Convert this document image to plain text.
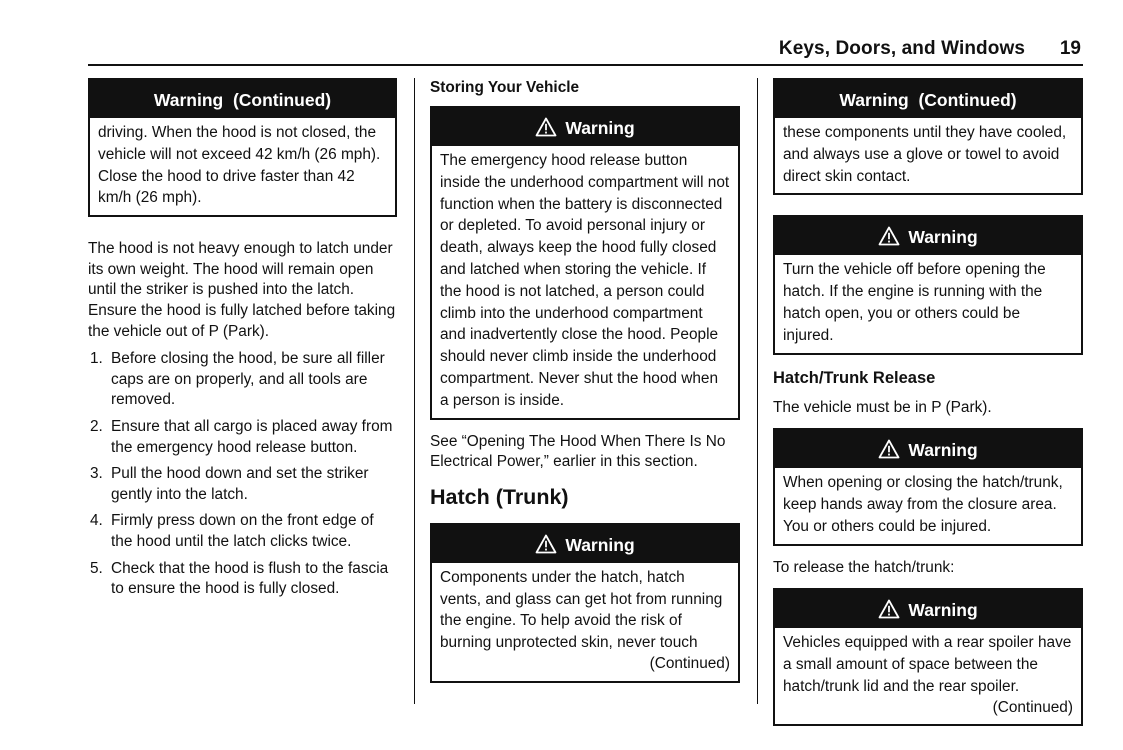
Keys, Doors, and Windows 19
Warning  (Continued)
driving. When the hood is not closed, the vehicle will not exceed 42 km/h (26 mph). Close the hood to drive faster than 42 km/h (26 mph).

The hood is not heavy enough to latch under its own weight. The hood will remain open until the striker is pushed into the latch. Ensure the hood is fully latched before taking the vehicle out of P (Park).

1. Before closing the hood, be sure all filler caps are on properly, and all tools are removed.
2. Ensure that all cargo is placed away from the emergency hood release button.
3. Pull the hood down and set the striker gently into the latch.
4. Firmly press down on the front edge of the hood until the latch clicks twice.
5. Check that the hood is flush to the fascia to ensure the hood is fully closed.
Storing Your Vehicle
Warning
The emergency hood release button inside the underhood compartment will not function when the battery is disconnected or depleted. To avoid personal injury or death, always keep the hood fully closed and latched when storing the vehicle. If the hood is not latched, a person could climb into the underhood compartment and inadvertently close the hood. People should never climb inside the underhood compartment. Never shut the hood when a person is inside.

See “Opening The Hood When There Is No Electrical Power,” earlier in this section.

Hatch (Trunk)
Warning
Components under the hatch, hatch vents, and glass can get hot from running the engine. To help avoid the risk of burning unprotected skin, never touch
(Continued)
Warning  (Continued)
these components until they have cooled, and always use a glove or towel to avoid direct skin contact.
Warning
Turn the vehicle off before opening the hatch. If the engine is running with the hatch open, you or others could be injured.
Hatch/Trunk Release

The vehicle must be in P (Park).

Warning
When opening or closing the hatch/trunk, keep hands away from the closure area. You or others could be injured.

To release the hatch/trunk:

Warning
Vehicles equipped with a rear spoiler have a small amount of space between the hatch/trunk lid and the rear spoiler.
(Continued)
